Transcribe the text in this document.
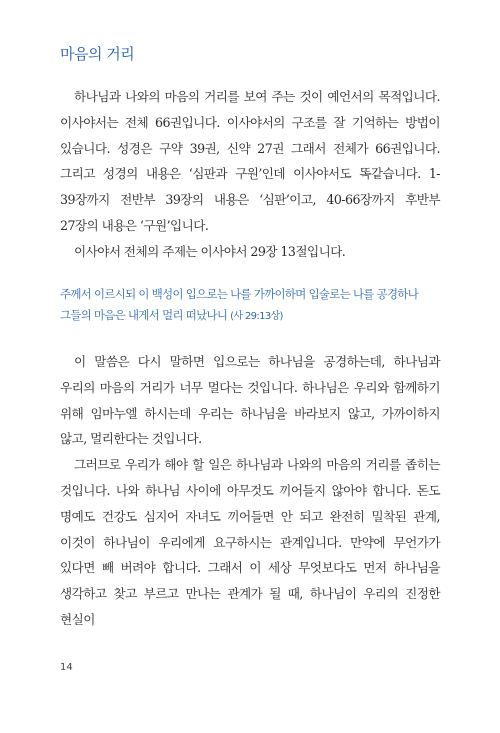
마음의 거리

하나님과 나와의 마음의 거리를 보여 주는 것이 예언서의 목적입니다. 이사야서는 전체 66권입니다. 이사야서의 구조를 잘 기억하는 방법이 있습니다. 성경은 구약 39권, 신약 27권 그래서 전체가 66권입니다. 그리고 성경의 내용은 ‘심판과 구원’인데 이사야서도 똑같습니다. 1-39장까지 전반부 39장의 내용은 ‘심판’이고, 40-66장까지 후반부 27장의 내용은 ‘구원’입니다.

이사야서 전체의 주제는 이사야서 29장 13절입니다.

주께서 이르시되 이 백성이 입으로는 나를 가까이하며 입술로는 나를 공경하나 그들의 마음은 내게서 멀리 떠났나니 (사 29:13상)

이 말씀은 다시 말하면 입으로는 하나님을 공경하는데, 하나님과 우리의 마음의 거리가 너무 멀다는 것입니다. 하나님은 우리와 함께하기 위해 임마누엘 하시는데 우리는 하나님을 바라보지 않고, 가까이하지 않고, 멀리한다는 것입니다.

그러므로 우리가 해야 할 일은 하나님과 나와의 마음의 거리를 좁히는 것입니다. 나와 하나님 사이에 아무것도 끼어들지 않아야 합니다. 돈도 명예도 건강도 심지어 자녀도 끼어들면 안 되고 완전히 밀착된 관계, 이것이 하나님이 우리에게 요구하시는 관계입니다. 만약에 무언가가 있다면 빼 버려야 합니다. 그래서 이 세상 무엇보다도 먼저 하나님을 생각하고 찾고 부르고 만나는 관계가 될 때, 하나님이 우리의 진정한 현실이

14
